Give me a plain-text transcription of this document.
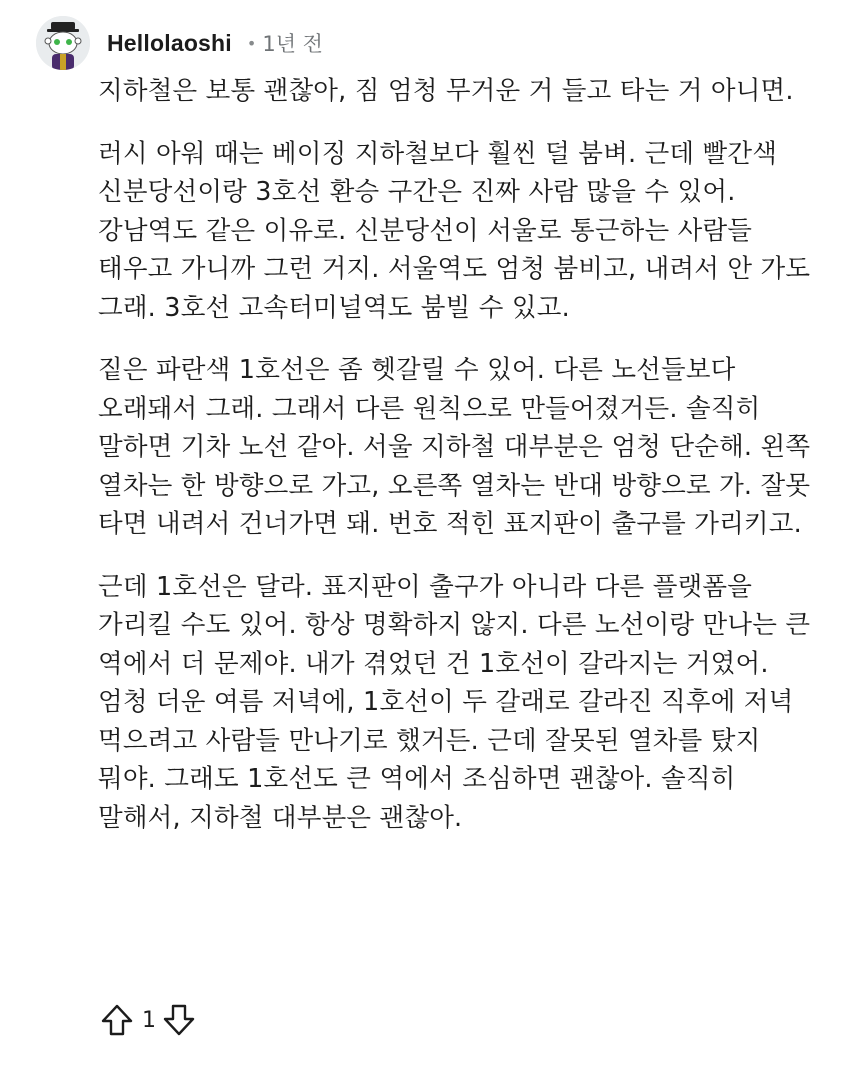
Hellolaoshi • 1년 전

지하철은 보통 괜찮아, 짐 엄청 무거운 거 들고 타는 거 아니면.

러시 아워 때는 베이징 지하철보다 훨씬 덜 붐벼. 근데 빨간색 신분당선이랑 3호선 환승 구간은 진짜 사람 많을 수 있어. 강남역도 같은 이유로. 신분당선이 서울로 통근하는 사람들 태우고 가니까 그런 거지. 서울역도 엄청 붐비고, 내려서 안 가도 그래. 3호선 고속터미널역도 붐빌 수 있고.

짙은 파란색 1호선은 좀 헷갈릴 수 있어. 다른 노선들보다 오래돼서 그래. 그래서 다른 원칙으로 만들어졌거든. 솔직히 말하면 기차 노선 같아. 서울 지하철 대부분은 엄청 단순해. 왼쪽 열차는 한 방향으로 가고, 오른쪽 열차는 반대 방향으로 가. 잘못 타면 내려서 건너가면 돼. 번호 적힌 표지판이 출구를 가리키고.

근데 1호선은 달라. 표지판이 출구가 아니라 다른 플랫폼을 가리킬 수도 있어. 항상 명확하지 않지. 다른 노선이랑 만나는 큰 역에서 더 문제야. 내가 겪었던 건 1호선이 갈라지는 거였어. 엄청 더운 여름 저녁에, 1호선이 두 갈래로 갈라진 직후에 저녁 먹으려고 사람들 만나기로 했거든. 근데 잘못된 열차를 탔지 뭐야. 그래도 1호선도 큰 역에서 조심하면 괜찮아. 솔직히 말해서, 지하철 대부분은 괜찮아.

1
